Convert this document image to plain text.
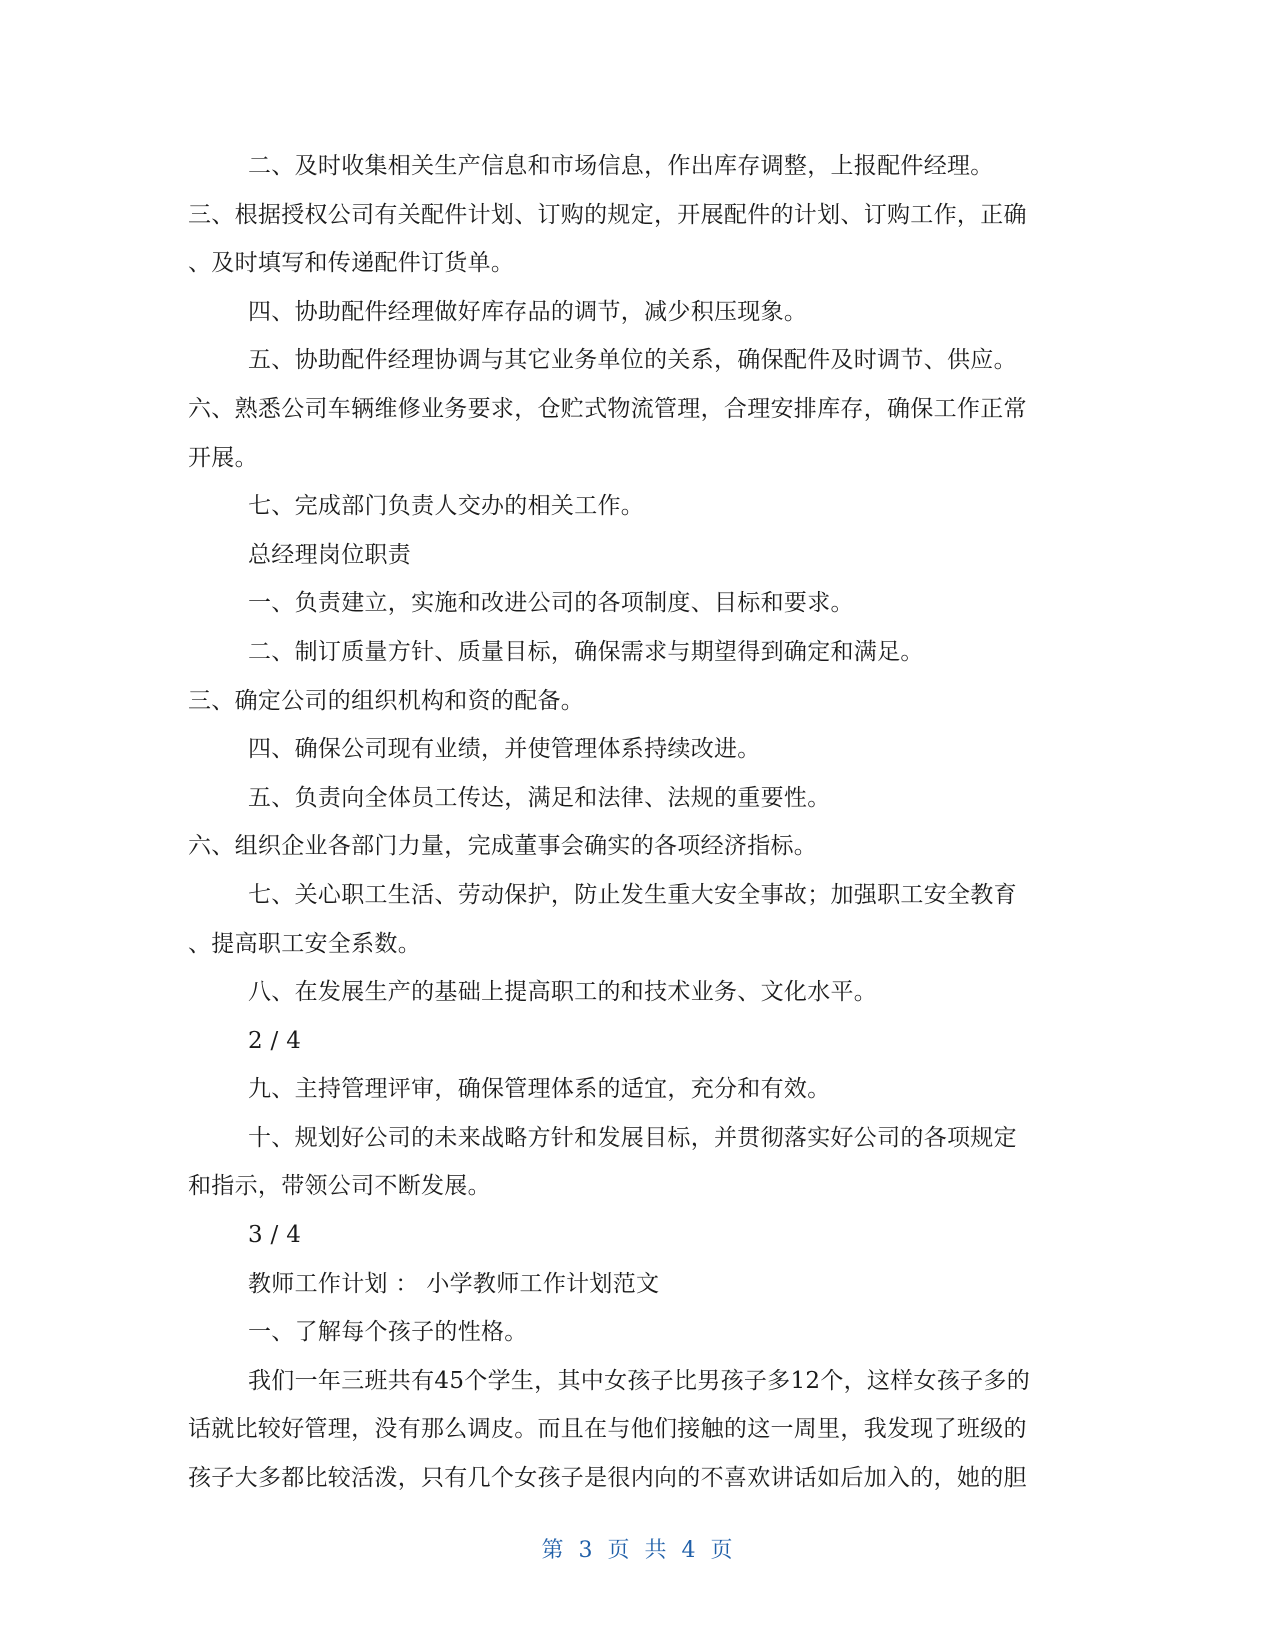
二、及时收集相关生产信息和市场信息，作出库存调整，上报配件经理。
三、根据授权公司有关配件计划、订购的规定，开展配件的计划、订购工作，正确
、及时填写和传递配件订货单。
四、协助配件经理做好库存品的调节，减少积压现象。
五、协助配件经理协调与其它业务单位的关系，确保配件及时调节、供应。
六、熟悉公司车辆维修业务要求，仓贮式物流管理，合理安排库存，确保工作正常
开展。
七、完成部门负责人交办的相关工作。
总经理岗位职责
一、负责建立，实施和改进公司的各项制度、目标和要求。
二、制订质量方针、质量目标，确保需求与期望得到确定和满足。
三、确定公司的组织机构和资的配备。
四、确保公司现有业绩，并使管理体系持续改进。
五、负责向全体员工传达，满足和法律、法规的重要性。
六、组织企业各部门力量，完成董事会确实的各项经济指标。
七、关心职工生活、劳动保护，防止发生重大安全事故；加强职工安全教育
、提高职工安全系数。
八、在发展生产的基础上提高职工的和技术业务、文化水平。
2 / 4
九、主持管理评审，确保管理体系的适宜，充分和有效。
十、规划好公司的未来战略方针和发展目标，并贯彻落实好公司的各项规定
和指示，带领公司不断发展。
3 / 4
教师工作计划 ： 小学教师工作计划范文
一、了解每个孩子的性格。
我们一年三班共有45个学生，其中女孩子比男孩子多12个，这样女孩子多的
话就比较好管理，没有那么调皮。而且在与他们接触的这一周里，我发现了班级的
孩子大多都比较活泼，只有几个女孩子是很内向的不喜欢讲话如后加入的，她的胆
第 3 页 共 4 页
